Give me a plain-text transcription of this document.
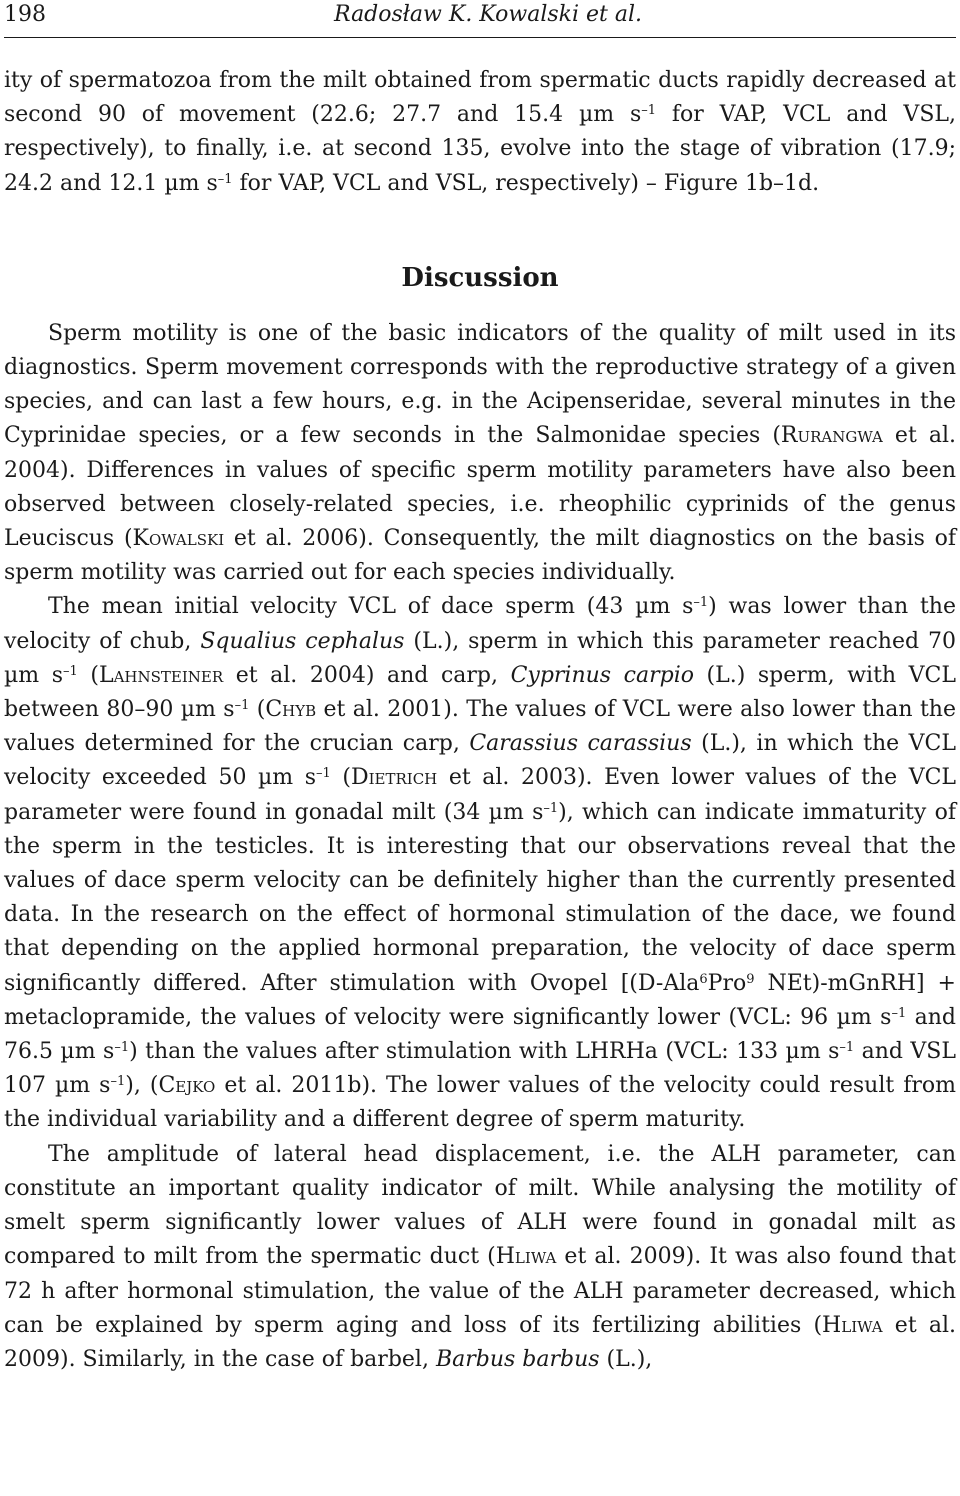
198	Radosław K. Kowalski et al.

ity of spermatozoa from the milt obtained from spermatic ducts rapidly decreased at second 90 of movement (22.6; 27.7 and 15.4 µm $s^{-1}$ for VAP, VCL and VSL, respectively), to finally, i.e. at second 135, evolve into the stage of vibration (17.9; 24.2 and 12.1 µm $s^{-1}$ for VAP, VCL and VSL, respectively) – Figure 1b–1d.

Discussion

Sperm motility is one of the basic indicators of the quality of milt used in its diagnostics. Sperm movement corresponds with the reproductive strategy of a given species, and can last a few hours, e.g. in the Acipenseridae, several minutes in the Cyprinidae species, or a few seconds in the Salmonidae species (Rurangwa et al. 2004). Differences in values of specific sperm motility parameters have also been observed between closely-related species, i.e. rheophilic cyprinids of the genus Leuciscus (Kowalski et al. 2006). Consequently, the milt diagnostics on the basis of sperm motility was carried out for each species individually.

The mean initial velocity VCL of dace sperm (43 µm $s^{-1}$) was lower than the velocity of chub, Squalius cephalus (L.), sperm in which this parameter reached 70 µm $s^{-1}$ (Lahnsteiner et al. 2004) and carp, Cyprinus carpio (L.) sperm, with VCL between 80–90 µm $s^{-1}$ (Chyb et al. 2001). The values of VCL were also lower than the values determined for the crucian carp, Carassius carassius (L.), in which the VCL velocity exceeded 50 µm $s^{-1}$ (Dietrich et al. 2003). Even lower values of the VCL parameter were found in gonadal milt (34 µm $s^{-1}$), which can indicate immaturity of the sperm in the testicles. It is interesting that our observations reveal that the values of dace sperm velocity can be definitely higher than the currently presented data. In the research on the effect of hormonal stimulation of the dace, we found that depending on the applied hormonal preparation, the velocity of dace sperm significantly differed. After stimulation with Ovopel [(D-Ala$^6$Pro$^9$ NEt)-mGnRH] + metaclopramide, the values of velocity were significantly lower (VCL: 96 µm $s^{-1}$ and 76.5 µm $s^{-1}$) than the values after stimulation with LHRHa (VCL: 133 µm $s^{-1}$ and VSL 107 µm $s^{-1}$), (Cejko et al. 2011b). The lower values of the velocity could result from the individual variability and a different degree of sperm maturity.

The amplitude of lateral head displacement, i.e. the ALH parameter, can constitute an important quality indicator of milt. While analysing the motility of smelt sperm significantly lower values of ALH were found in gonadal milt as compared to milt from the spermatic duct (Hliwa et al. 2009). It was also found that 72 h after hormonal stimulation, the value of the ALH parameter decreased, which can be explained by sperm aging and loss of its fertilizing abilities (Hliwa et al. 2009). Similarly, in the case of barbel, Barbus barbus (L.),
